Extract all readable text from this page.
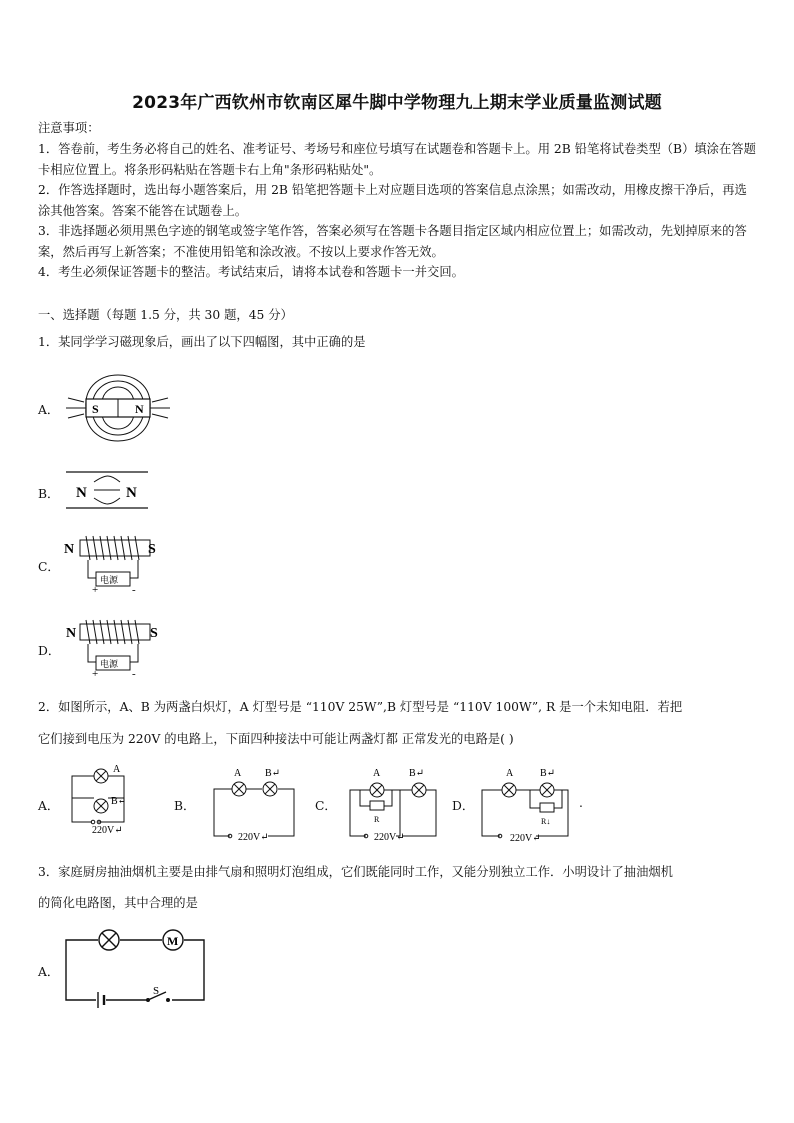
2023年广西钦州市钦南区犀牛脚中学物理九上期末学业质量监测试题
注意事项：
1．答卷前，考生务必将自己的姓名、准考证号、考场号和座位号填写在试题卷和答题卡上。用 2B 铅笔将试卷类型（B）填涂在答题卡相应位置上。将条形码粘贴在答题卡右上角"条形码粘贴处"。
2．作答选择题时，选出每小题答案后，用 2B 铅笔把答题卡上对应题目选项的答案信息点涂黑；如需改动，用橡皮擦干净后，再选涂其他答案。答案不能答在试题卷上。
3．非选择题必须用黑色字迹的钢笔或签字笔作答，答案必须写在答题卡各题目指定区域内相应位置上；如需改动，先划掉原来的答案，然后再写上新答案；不准使用铅笔和涂改液。不按以上要求作答无效。
4．考生必须保证答题卡的整洁。考试结束后，请将本试卷和答题卡一并交回。
一、选择题（每题 1.5 分，共 30 题，45 分）
1．某同学学习磁现象后，画出了以下四幅图，其中正确的是
A．	S	N
B． N	N
C．
电源
+	-
N	S
D．
电源
+	-
N	S
2．如图所示，A、B 为两盏白炽灯，A 灯型号是 “110V 25W”,B 灯型号是 “110V 100W”, R 是一个未知电阻．若把
它们接到电压为 220V 的电路上，下面四种接法中可能让两盏灯都 正常发光的电路是( )
A．
A
B↵
220V↵
B．
A B↵
220V↵
C．
R
A	B↵
220V↵
D．
R↓
A	B↵
220V↵
.
3．家庭厨房抽油烟机主要是由排气扇和照明灯泡组成，它们既能同时工作，又能分别独立工作．小明设计了抽油烟机
的简化电路图，其中合理的是
A．
M
S
